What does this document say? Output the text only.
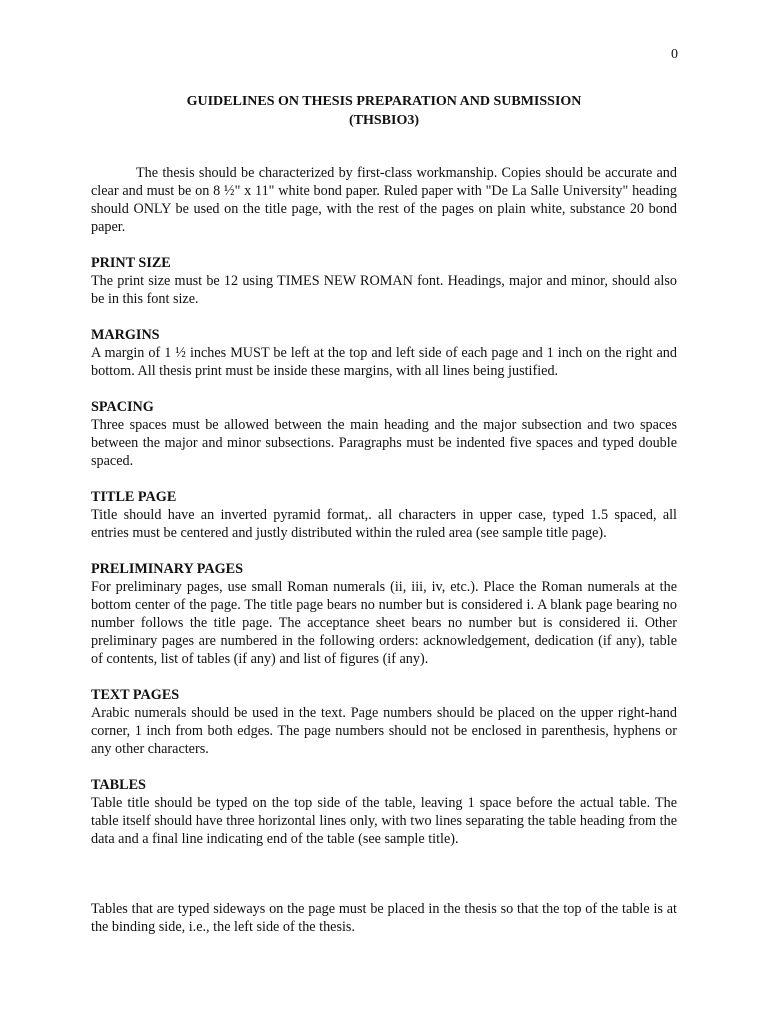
0
GUIDELINES ON THESIS PREPARATION AND SUBMISSION
(THSBIO3)

The thesis should be characterized by first-class workmanship. Copies should be accurate and clear and must be on 8 ½" x 11" white bond paper. Ruled paper with "De La Salle University" heading should ONLY be used on the title page, with the rest of the pages on plain white, substance 20 bond paper.

PRINT SIZE

The print size must be 12 using TIMES NEW ROMAN font. Headings, major and minor, should also be in this font size.

MARGINS

A margin of 1 ½ inches MUST be left at the top and left side of each page and 1 inch on the right and bottom. All thesis print must be inside these margins, with all lines being justified.

SPACING

Three spaces must be allowed between the main heading and the major subsection and two spaces between the major and minor subsections. Paragraphs must be indented five spaces and typed double spaced.

TITLE PAGE

Title should have an inverted pyramid format,. all characters in upper case, typed 1.5 spaced, all entries must be centered and justly distributed within the ruled area (see sample title page).

PRELIMINARY PAGES

For preliminary pages, use small Roman numerals (ii, iii, iv, etc.). Place the Roman numerals at the bottom center of the page. The title page bears no number but is considered i. A blank page bearing no number follows the title page. The acceptance sheet bears no number but is considered ii. Other preliminary pages are numbered in the following orders: acknowledgement, dedication (if any), table of contents, list of tables (if any) and list of figures (if any).

TEXT PAGES

Arabic numerals should be used in the text. Page numbers should be placed on the upper right-hand corner, 1 inch from both edges. The page numbers should not be enclosed in parenthesis, hyphens or any other characters.

TABLES

Table title should be typed on the top side of the table, leaving 1 space before the actual table. The table itself should have three horizontal lines only, with two lines separating the table heading from the data and a final line indicating end of the table (see sample title).

Tables that are typed sideways on the page must be placed in the thesis so that the top of the table is at the binding side, i.e., the left side of the thesis.
